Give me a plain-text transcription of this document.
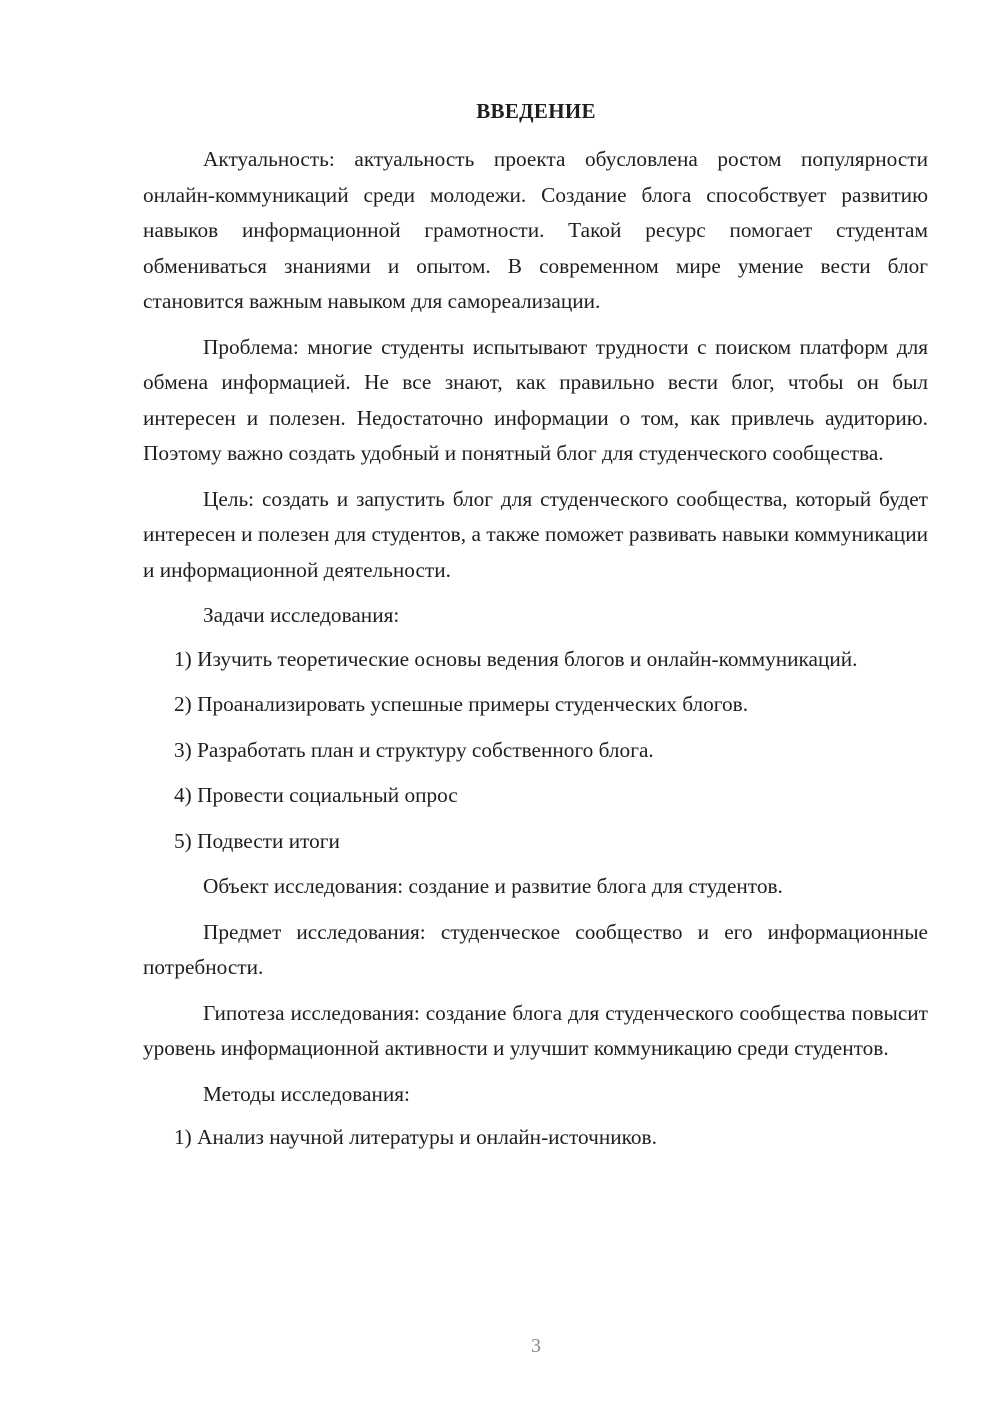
ВВЕДЕНИЕ

Актуальность: актуальность проекта обусловлена ростом популярности онлайн-коммуникаций среди молодежи. Создание блога способствует развитию навыков информационной грамотности. Такой ресурс помогает студентам обмениваться знаниями и опытом. В современном мире умение вести блог становится важным навыком для самореализации.

Проблема: многие студенты испытывают трудности с поиском платформ для обмена информацией. Не все знают, как правильно вести блог, чтобы он был интересен и полезен. Недостаточно информации о том, как привлечь аудиторию. Поэтому важно создать удобный и понятный блог для студенческого сообщества.

Цель: создать и запустить блог для студенческого сообщества, который будет интересен и полезен для студентов, а также поможет развивать навыки коммуникации и информационной деятельности.

Задачи исследования:

1) Изучить теоретические основы ведения блогов и онлайн-коммуникаций.

2) Проанализировать успешные примеры студенческих блогов.

3) Разработать план и структуру собственного блога.

4) Провести социальный опрос

5) Подвести итоги

Объект исследования: создание и развитие блога для студентов.

Предмет исследования: студенческое сообщество и его информационные потребности.

Гипотеза исследования: создание блога для студенческого сообщества повысит уровень информационной активности и улучшит коммуникацию среди студентов.

Методы исследования:

1) Анализ научной литературы и онлайн-источников.

3
